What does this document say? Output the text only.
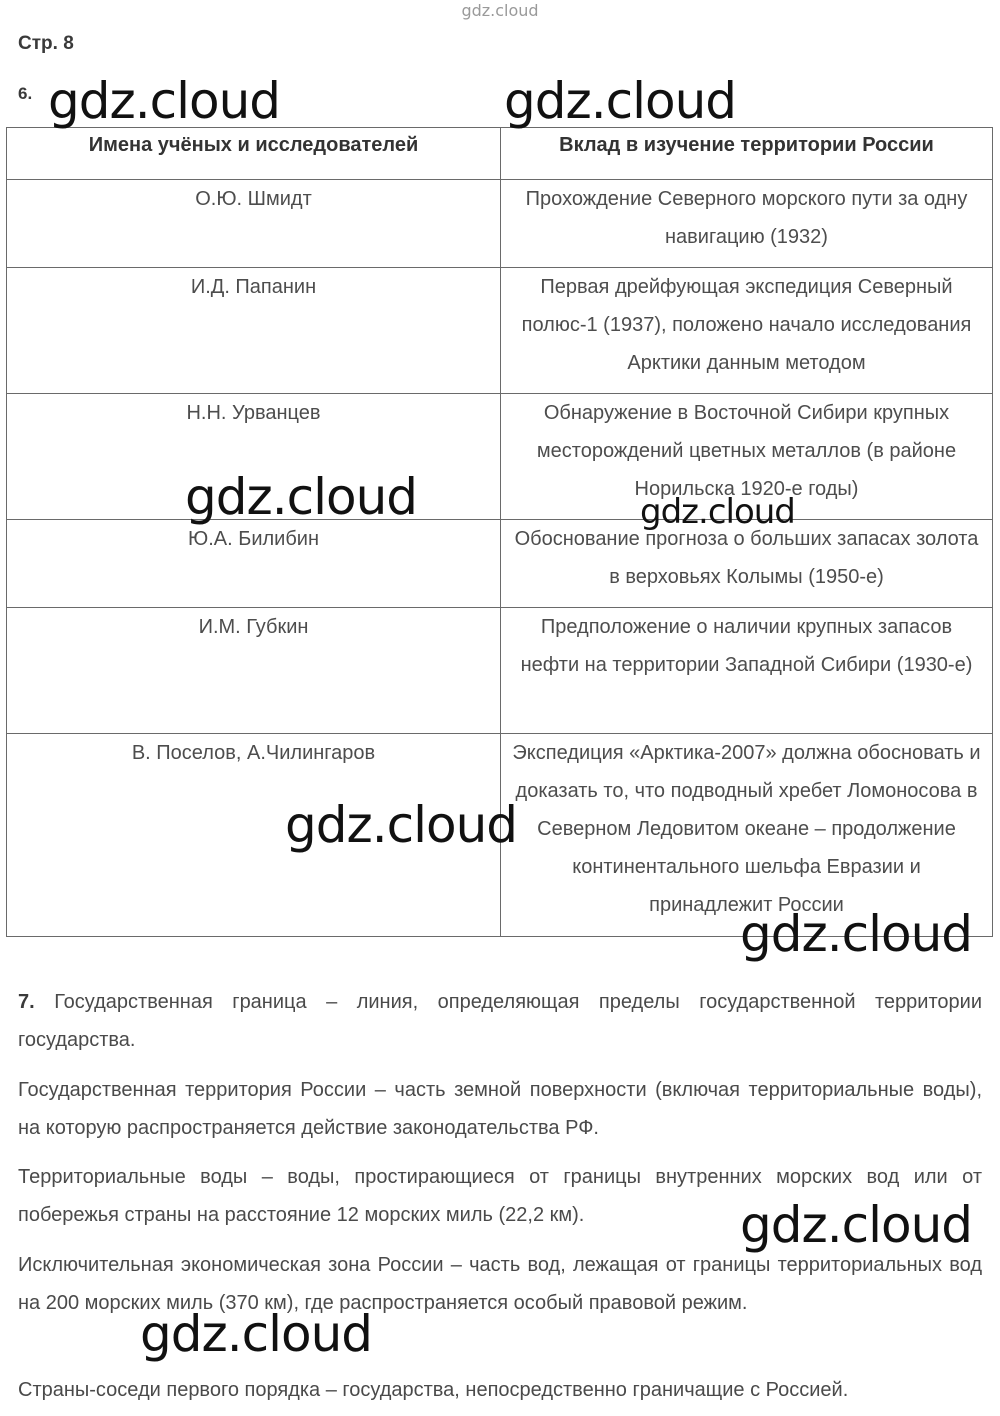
gdz.cloud
Стр. 8
6.
Имена учёных и исследователей	Вклад в изучение территории России
О.Ю. Шмидт	Прохождение Северного морского пути за одну навигацию (1932)
И.Д. Папанин	Первая дрейфующая экспедиция Северный полюс-1 (1937), положено начало исследования Арктики данным методом
Н.Н. Урванцев	Обнаружение в Восточной Сибири крупных месторождений цветных металлов (в районе Норильска 1920-е годы)
Ю.А. Билибин	Обоснование прогноза о больших запасах золота в верховьях Колымы (1950-е)
И.М. Губкин	Предположение о наличии крупных запасов нефти на территории Западной Сибири (1930-е)
В. Поселов, А.Чилингаров	Экспедиция «Арктика-2007» должна обосновать и доказать то, что подводный хребет Ломоносова в Северном Ледовитом океане – продолжение континентального шельфа Евразии и принадлежит России
7. Государственная граница – линия, определяющая пределы государственной территории государства.
Государственная территория России – часть земной поверхности (включая территориальные воды), на которую распространяется действие законодательства РФ.
Территориальные воды – воды, простирающиеся от границы внутренних морских вод или от побережья страны на расстояние 12 морских миль (22,2 км).
Исключительная экономическая зона России – часть вод, лежащая от границы территориальных вод на 200 морских миль (370 км), где распространяется особый правовой режим.
Страны-соседи первого порядка – государства, непосредственно граничащие с Россией.
gdz.cloud	gdz.cloud
gdz.cloud	gdz.cloud
gdz.cloud
gdz.cloud
gdz.cloud
gdz.cloud
